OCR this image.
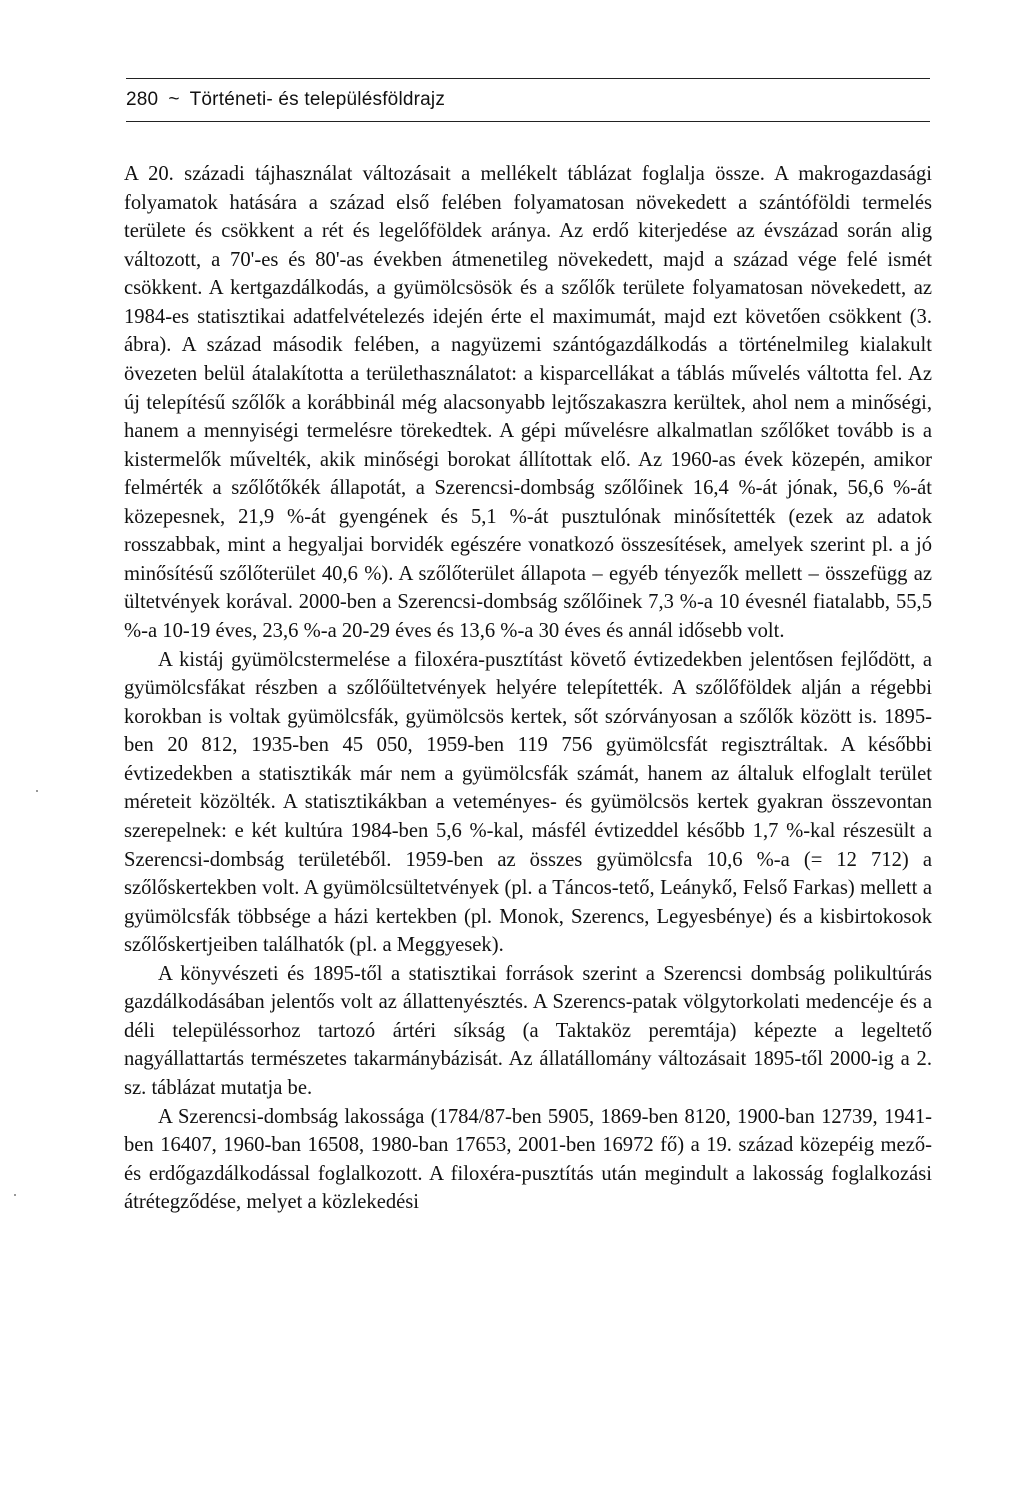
280 ~ Történeti- és településföldrajz

A 20. századi tájhasználat változásait a mellékelt táblázat foglalja össze. A makrogazdasági folyamatok hatására a század első felében folyamatosan növekedett a szántóföldi termelés területe és csökkent a rét és legelőföldek aránya. Az erdő kiterjedése az évszázad során alig változott, a 70'-es és 80'-as években átmenetileg növekedett, majd a század vége felé ismét csökkent. A kertgazdálkodás, a gyümölcsösök és a szőlők területe folyamatosan növekedett, az 1984-es statisztikai adatfelvételezés idején érte el maximumát, majd ezt követően csökkent (3. ábra). A század második felében, a nagyüzemi szántógazdálkodás a történelmileg kialakult övezeten belül átalakította a területhasználatot: a kisparcellákat a táblás művelés váltotta fel. Az új telepítésű szőlők a korábbinál még alacsonyabb lejtőszakaszra kerültek, ahol nem a minőségi, hanem a mennyiségi termelésre törekedtek. A gépi művelésre alkalmatlan szőlőket tovább is a kistermelők művelték, akik minőségi borokat állítottak elő. Az 1960-as évek közepén, amikor felmérték a szőlőtőkék állapotát, a Szerencsi-dombság szőlőinek 16,4 %-át jónak, 56,6 %-át közepesnek, 21,9 %-át gyengének és 5,1 %-át pusztulónak minősítették (ezek az adatok rosszabbak, mint a hegyaljai borvidék egészére vonatkozó összesítések, amelyek szerint pl. a jó minősítésű szőlőterület 40,6 %). A szőlőterület állapota – egyéb tényezők mellett – összefügg az ültetvények korával. 2000-ben a Szerencsi-dombság szőlőinek 7,3 %-a 10 évesnél fiatalabb, 55,5 %-a 10-19 éves, 23,6 %-a 20-29 éves és 13,6 %-a 30 éves és annál idősebb volt.

A kistáj gyümölcstermelése a filoxéra-pusztítást követő évtizedekben jelentősen fejlődött, a gyümölcsfákat részben a szőlőültetvények helyére telepítették. A szőlőföldek alján a régebbi korokban is voltak gyümölcsfák, gyümölcsös kertek, sőt szórványosan a szőlők között is. 1895-ben 20 812, 1935-ben 45 050, 1959-ben 119 756 gyümölcsfát regisztráltak. A későbbi évtizedekben a statisztikák már nem a gyümölcsfák számát, hanem az általuk elfoglalt terület méreteit közölték. A statisztikákban a veteményes- és gyümölcsös kertek gyakran összevontan szerepelnek: e két kultúra 1984-ben 5,6 %-kal, másfél évtizeddel később 1,7 %-kal részesült a Szerencsi-dombság területéből. 1959-ben az összes gyümölcsfa 10,6 %-a (= 12 712) a szőlőskertekben volt. A gyümölcsültetvények (pl. a Táncos-tető, Leánykő, Felső Farkas) mellett a gyümölcsfák többsége a házi kertekben (pl. Monok, Szerencs, Legyesbénye) és a kisbirtokosok szőlőskertjeiben találhatók (pl. a Meggyesek).

A könyvészeti és 1895-től a statisztikai források szerint a Szerencsi dombság polikultúrás gazdálkodásában jelentős volt az állattenyésztés. A Szerencs-patak völgytorkolati medencéje és a déli településsorhoz tartozó ártéri síkság (a Taktaköz peremtája) képezte a legeltető nagyállattartás természetes takarmánybázisát. Az állatállomány változásait 1895-től 2000-ig a 2. sz. táblázat mutatja be.

A Szerencsi-dombság lakossága (1784/87-ben 5905, 1869-ben 8120, 1900-ban 12739, 1941-ben 16407, 1960-ban 16508, 1980-ban 17653, 2001-ben 16972 fő) a 19. század közepéig mező- és erdőgazdálkodással foglalkozott. A filoxéra-pusztítás után megindult a lakosság foglalkozási átrétegződése, melyet a közlekedési
